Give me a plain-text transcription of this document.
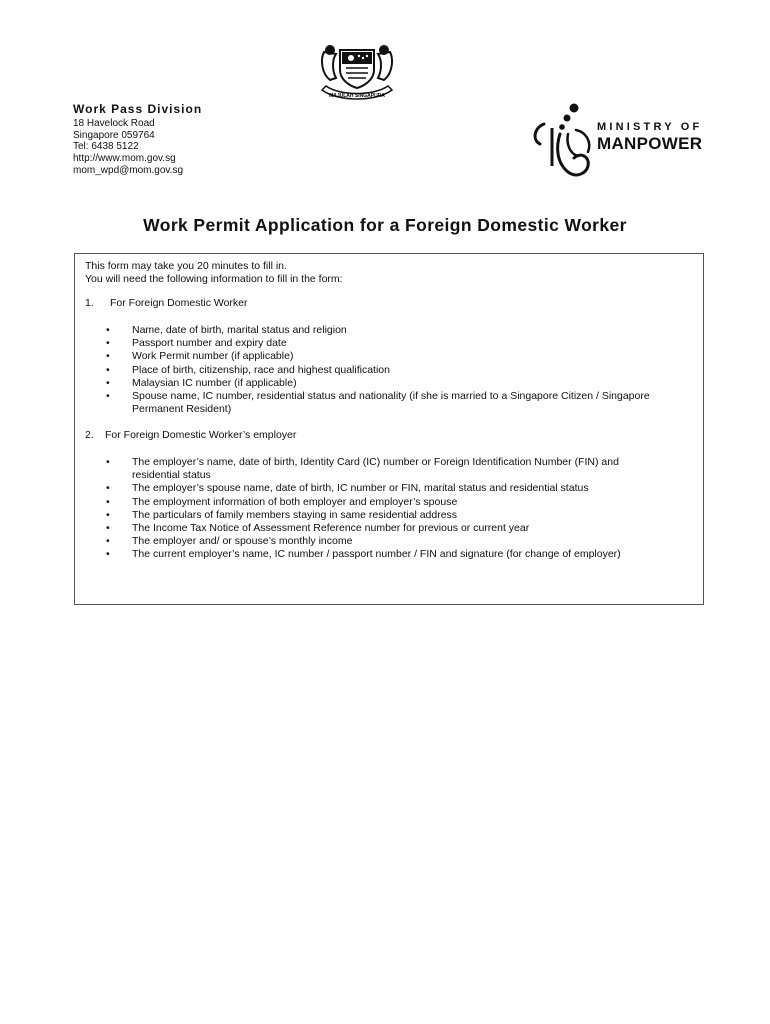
MAJULAH SINGAPURA
Work Pass Division
18 Havelock Road
Singapore 059764
Tel: 6438 5122
http://www.mom.gov.sg
mom_wpd@mom.gov.sg
MINISTRY OF
MANPOWER
Work Permit Application for a Foreign Domestic Worker
This form may take you 20 minutes to fill in.
You will need the following information to fill in the form:
1. For Foreign Domestic Worker
• Name, date of birth, marital status and religion
• Passport number and expiry date
• Work Permit number (if applicable)
• Place of birth, citizenship, race and highest qualification
• Malaysian IC number (if applicable)
• Spouse name, IC number, residential status and nationality (if she is married to a Singapore Citizen / Singapore Permanent Resident)
2. For Foreign Domestic Worker’s employer
• The employer’s name, date of birth, Identity Card (IC) number or Foreign Identification Number (FIN) and residential status
• The employer’s spouse name, date of birth, IC number or FIN, marital status and residential status
• The employment information of both employer and employer’s spouse
• The particulars of family members staying in same residential address
• The Income Tax Notice of Assessment Reference number for previous or current year
• The employer and/ or spouse’s monthly income
• The current employer’s name, IC number / passport number / FIN and signature (for change of employer)
